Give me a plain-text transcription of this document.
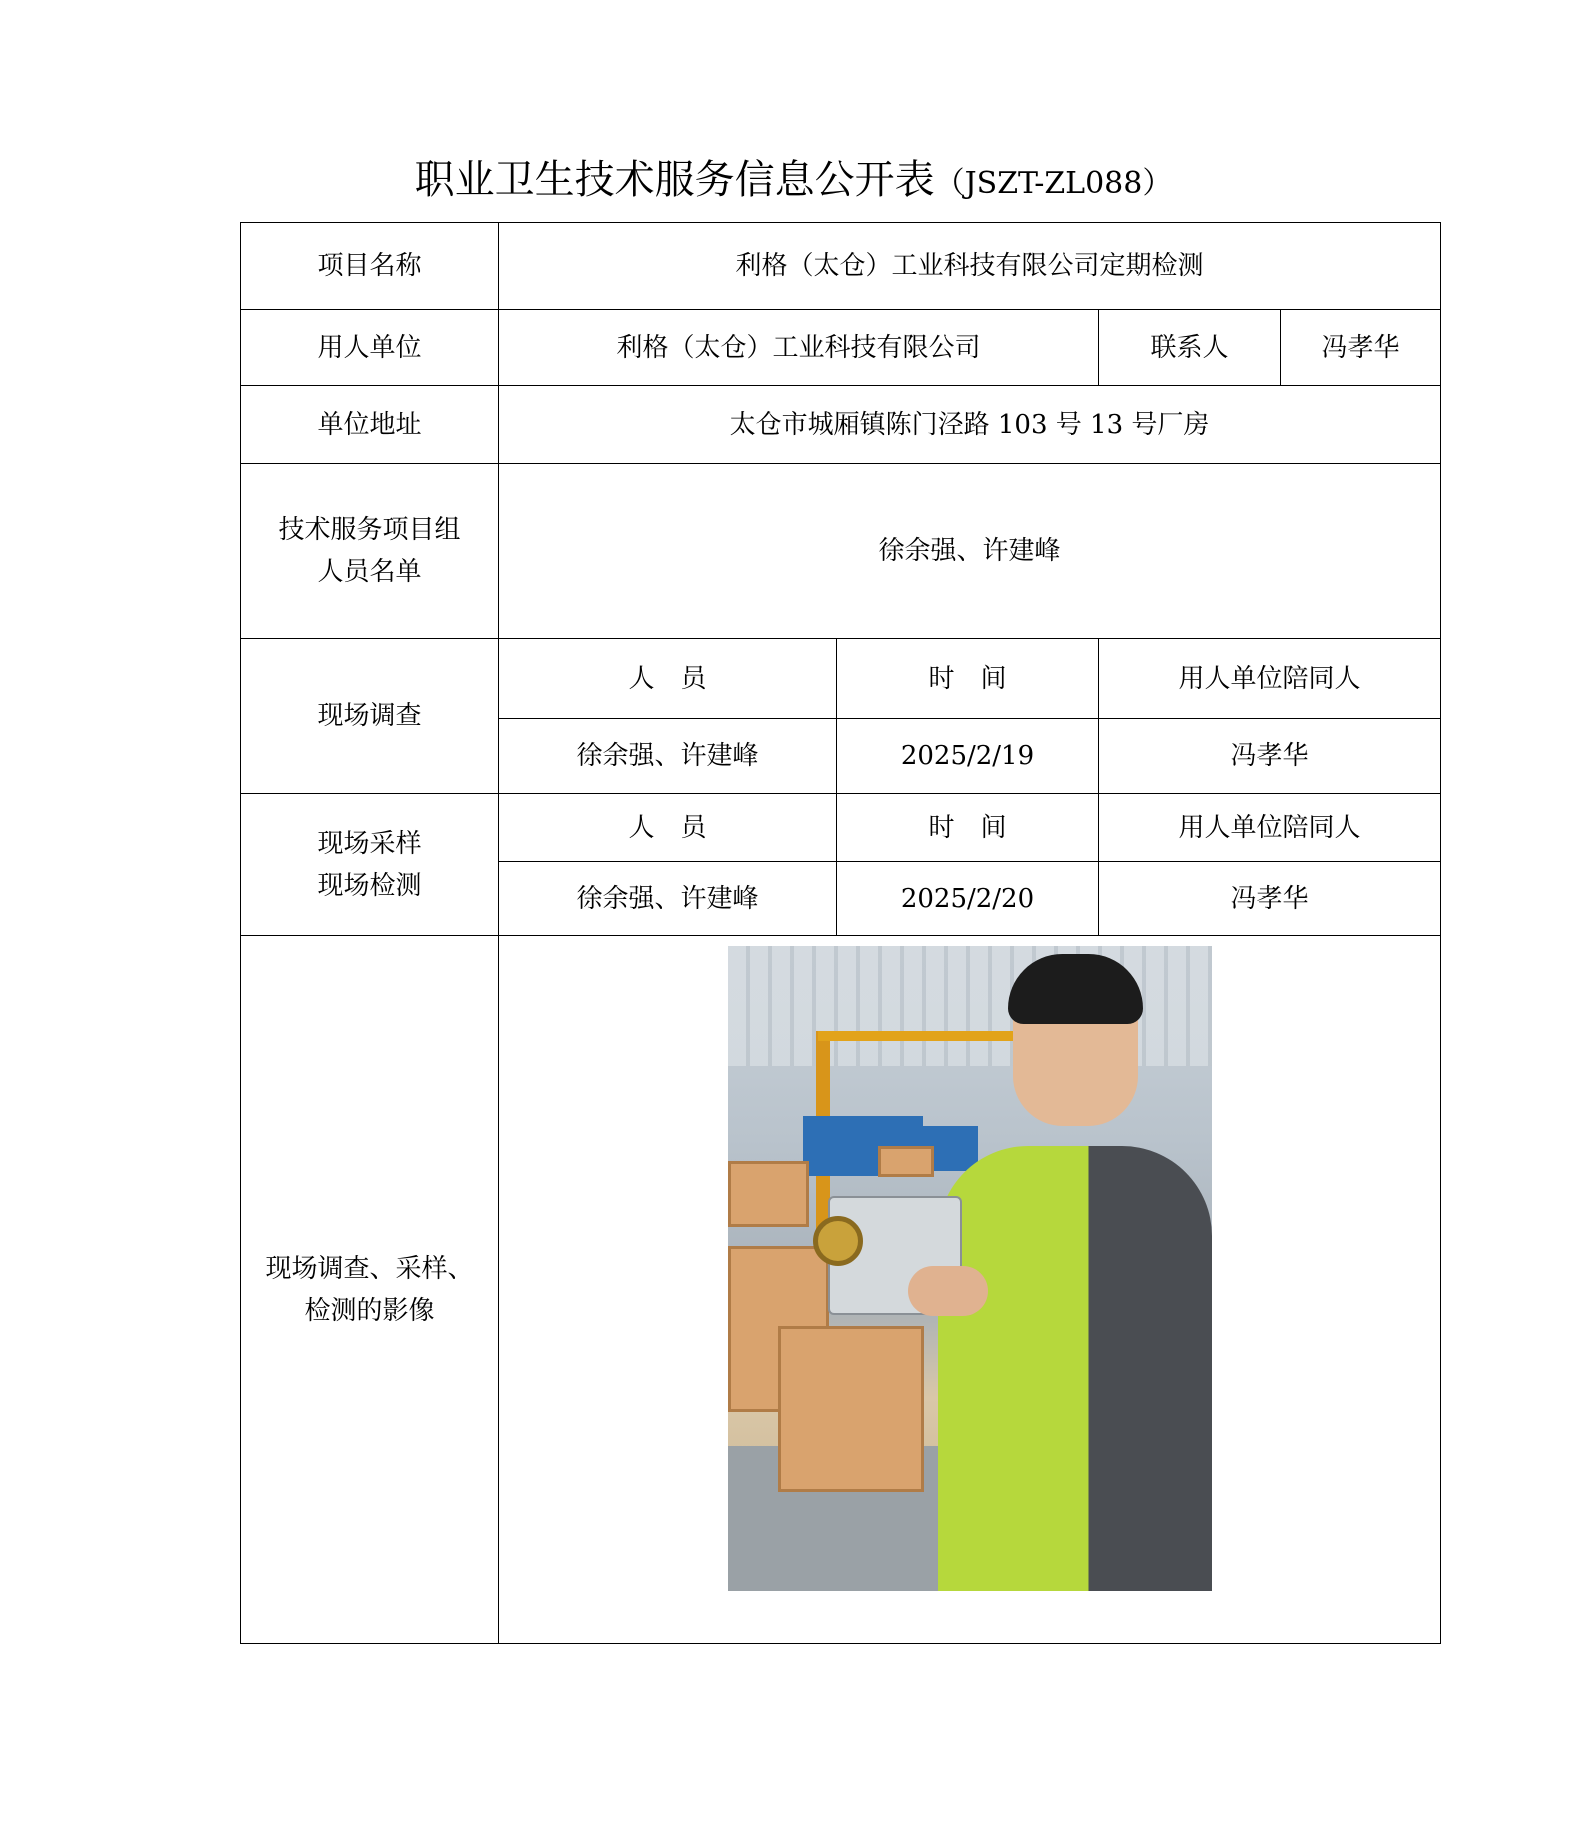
职业卫生技术服务信息公开表（JSZT-ZL088）
项目名称	利格（太仓）工业科技有限公司定期检测			
用人单位	利格（太仓）工业科技有限公司		联系人	冯孝华
单位地址	太仓市城厢镇陈门泾路 103 号 13 号厂房			

技术服务项目组
人员名单	徐余强、许建峰			
现场调查	人　员	时　间	用人单位陪同人	
	徐余强、许建峰	2025/2/19	冯孝华	

现场采样
现场检测	人　员	时　间	用人单位陪同人	
	徐余强、许建峰	2025/2/20	冯孝华	

现场调查、采样、
检测的影像				
